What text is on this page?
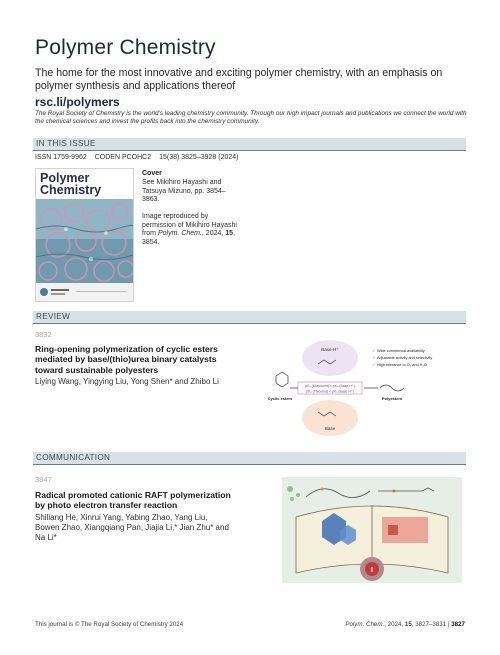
Polymer Chemistry
The home for the most innovative and exciting polymer chemistry, with an emphasis on polymer synthesis and applications thereof
rsc.li/polymers
The Royal Society of Chemistry is the world's leading chemistry community. Through our high impact journals and publications we connect the world with the chemical sciences and invest the profits back into the chemistry community.
IN THIS ISSUE
ISSN 1759-9962 CODEN PCOHC2 15(38) 3825–3928 (2024)
Polymer
Chemistry
Cover
See Mikihiro Hayashi and Tatsuya Mizuno, pp. 3854–3863.
Image reproduced by permission of Mikihiro Hayashi from Polym. Chem., 2024, 15, 3854.
REVIEW
3832
Ring-opening polymerization of cyclic esters mediated by base/(thio)urea binary catalysts toward sustainable polyesters
Liying Wang, Yingying Liu, Yong Shen* and Zhibo Li
Base-H⁺
Base
pKₐ (Monourea) < pKₐ (Base-H⁺)
pKₐ (Thiourea) < pKₐ (Base-H⁺)
Cyclic esters	Polyesters
✓ Wide commercial availability
✓ Adjustable activity and selectivity
✓ High tolerance to O₂ and H₂O
COMMUNICATION
3847
Radical promoted cationic RAFT polymerization by photo electron transfer reaction
Shiliang He, Xinrui Yang, Yabing Zhao, Yang Liu, Bowen Zhao, Xiangqiang Pan, Jiajia Li,* Jian Zhu* and Na Li*
I
This journal is © The Royal Society of Chemistry 2024	Polym. Chem., 2024, 15, 3827–3831 | 3827
